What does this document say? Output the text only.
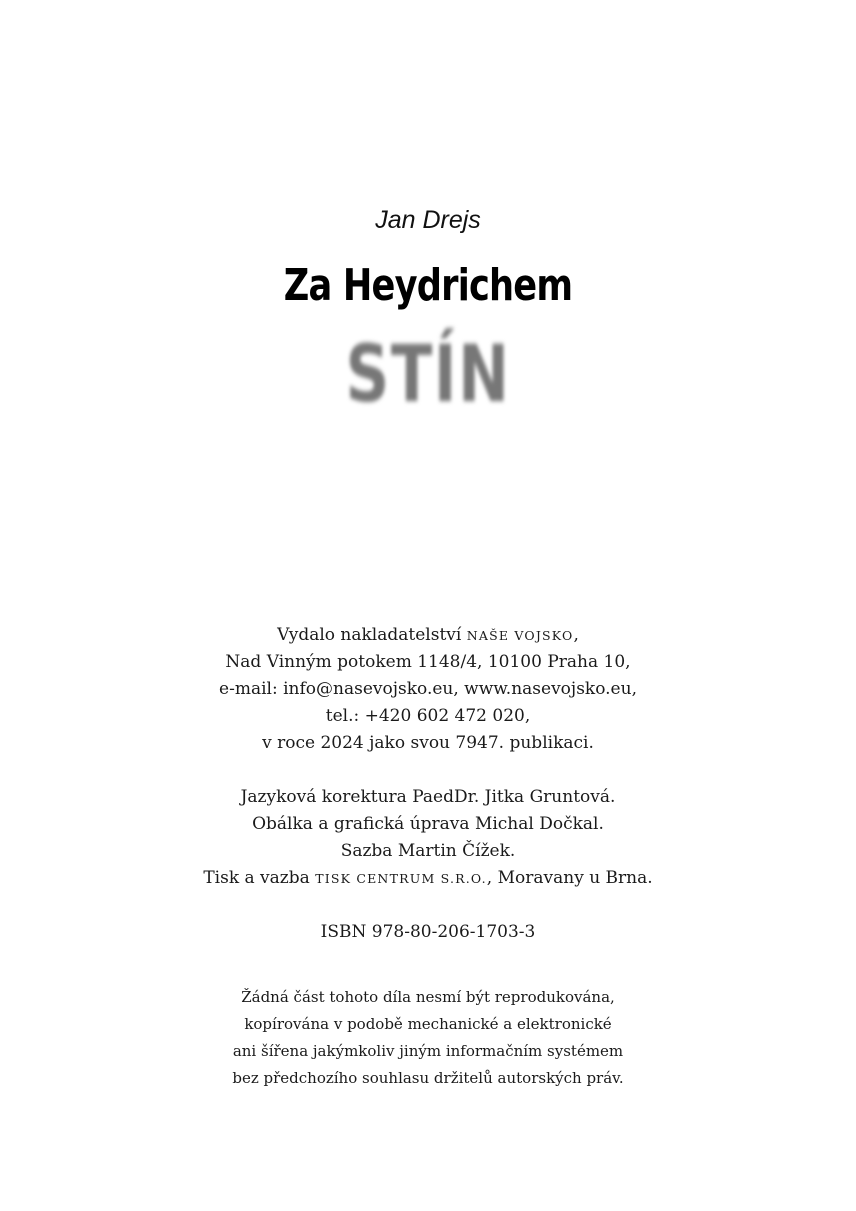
Jan Drejs
Za Heydrichem
STÍN
Vydalo nakladatelství NAŠE VOJSKO,
Nad Vinným potokem 1148/4, 10100 Praha 10,
e-mail: info@nasevojsko.eu, www.nasevojsko.eu,
tel.: +420 602 472 020,
v roce 2024 jako svou 7947. publikaci.
Jazyková korektura PaedDr. Jitka Gruntová.
Obálka a grafická úprava Michal Dočkal.
Sazba Martin Čížek.
Tisk a vazba TISK CENTRUM S.R.O., Moravany u Brna.
ISBN 978-80-206-1703-3
Žádná část tohoto díla nesmí být reprodukována,
kopírována v podobě mechanické a elektronické
ani šířena jakýmkoliv jiným informačním systémem
bez předchozího souhlasu držitelů autorských práv.
